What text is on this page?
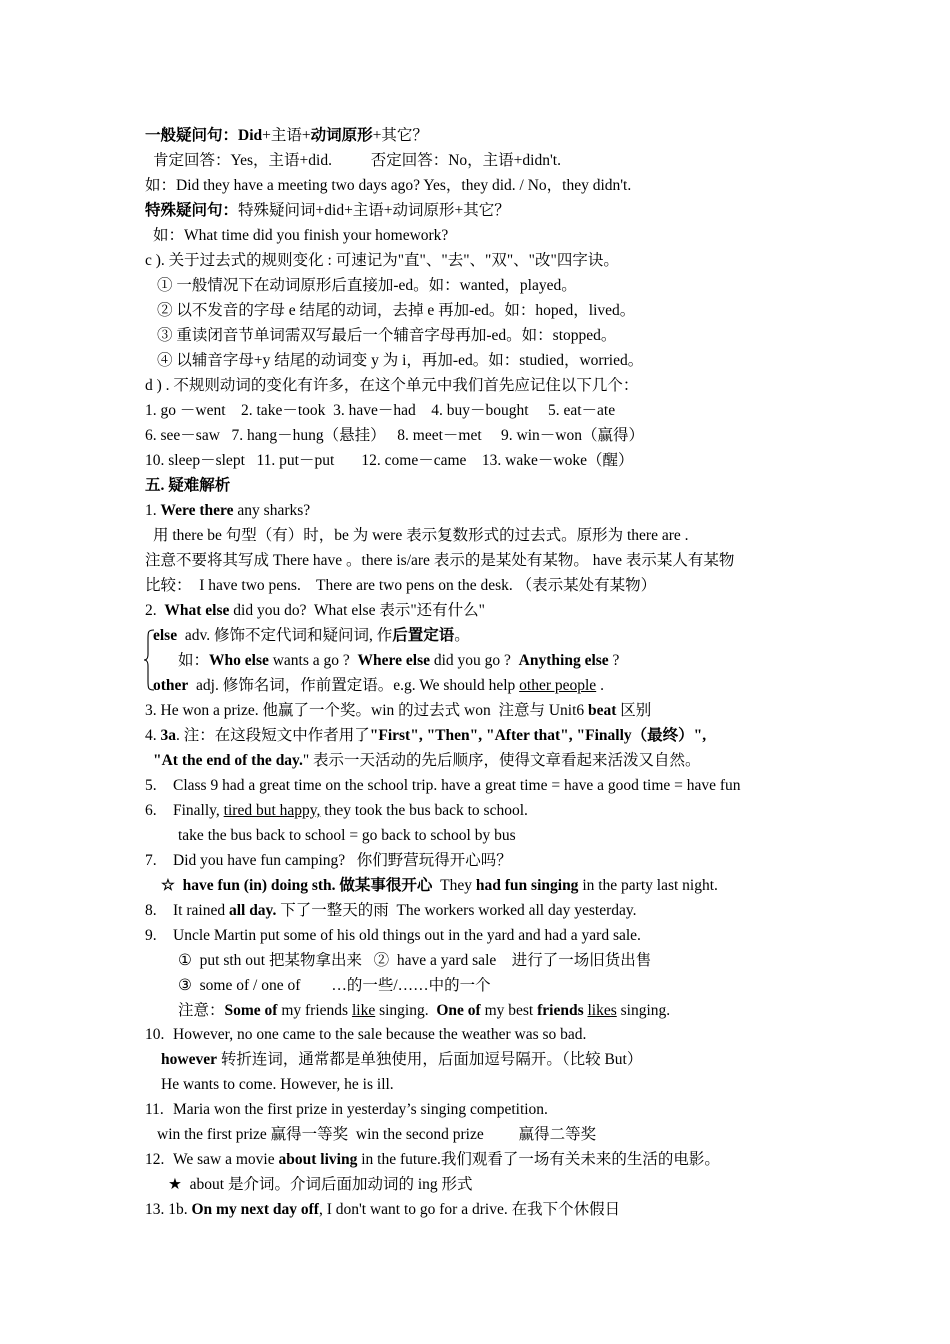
一般疑问句：Did+主语+动词原形+其它？
肯定回答：Yes，主语+did.          否定回答：No，主语+didn't.
如：Did they have a meeting two days ago? Yes，they did. / No，they didn't.
特殊疑问句：特殊疑问词+did+主语+动词原形+其它？
如：What time did you finish your homework?
c ). 关于过去式的规则变化 : 可速记为"直"、"去"、"双"、"改"四字诀。
① 一般情况下在动词原形后直接加-ed。如：wanted，played。
② 以不发音的字母 e 结尾的动词，去掉 e 再加-ed。如：hoped，lived。
③ 重读闭音节单词需双写最后一个辅音字母再加-ed。如：stopped。
④ 以辅音字母+y 结尾的动词变 y 为 i，再加-ed。如：studied，worried。
d ) . 不规则动词的变化有许多，在这个单元中我们首先应记住以下几个：
1. go －went    2. take－took  3. have－had    4. buy－bought     5. eat－ate
6. see－saw   7. hang－hung（悬挂）   8. meet－met     9. win－won（赢得）
10. sleep－slept   11. put－put       12. come－came    13. wake－woke（醒）
五. 疑难解析
1. Were there any sharks?
用 there be 句型（有）时，be 为 were 表示复数形式的过去式。原形为 there are .
注意不要将其写成 There have 。there is/are 表示的是某处有某物。 have 表示某人有某物
比较：  I have two pens.    There are two pens on the desk. （表示某处有某物）
2.  What else did you do?  What else 表示"还有什么"
else  adv. 修饰不定代词和疑问词, 作后置定语。
如：Who else wants a go ?  Where else did you go ?  Anything else ?
other  adj. 修饰名词，作前置定语。e.g. We should help other people .
3. He won a prize. 他赢了一个奖。win 的过去式 won  注意与 Unit6 beat 区别
4. 3a. 注：在这段短文中作者用了"First", "Then", "After that", "Finally（最终）",
"At the end of the day." 表示一天活动的先后顺序，使得文章看起来活泼又自然。
5. Class 9 had a great time on the school trip. have a great time = have a good time = have fun
6. Finally, tired but happy, they took the bus back to school.
take the bus back to school = go back to school by bus
7. Did you have fun camping?   你们野营玩得开心吗？
☆  have fun (in) doing sth. 做某事很开心  They had fun singing in the party last night.
8. It rained all day. 下了一整天的雨  The workers worked all day yesterday.
9. Uncle Martin put some of his old things out in the yard and had a yard sale.
①  put sth out 把某物拿出来   ②  have a yard sale    进行了一场旧货出售
③  some of / one of        …的一些/……中的一个
注意：Some of my friends like singing.  One of my best friends likes singing.
10. However, no one came to the sale because the weather was so bad.
however 转折连词，通常都是单独使用，后面加逗号隔开。（比较 But）
He wants to come. However, he is ill.
11. Maria won the first prize in yesterday’s singing competition.
win the first prize 赢得一等奖  win the second prize         赢得二等奖
12. We saw a movie about living in the future.我们观看了一场有关未来的生活的电影。
★  about 是介词。介词后面加动词的 ing 形式
13. 1b. On my next day off, I don't want to go for a drive. 在我下个休假日
